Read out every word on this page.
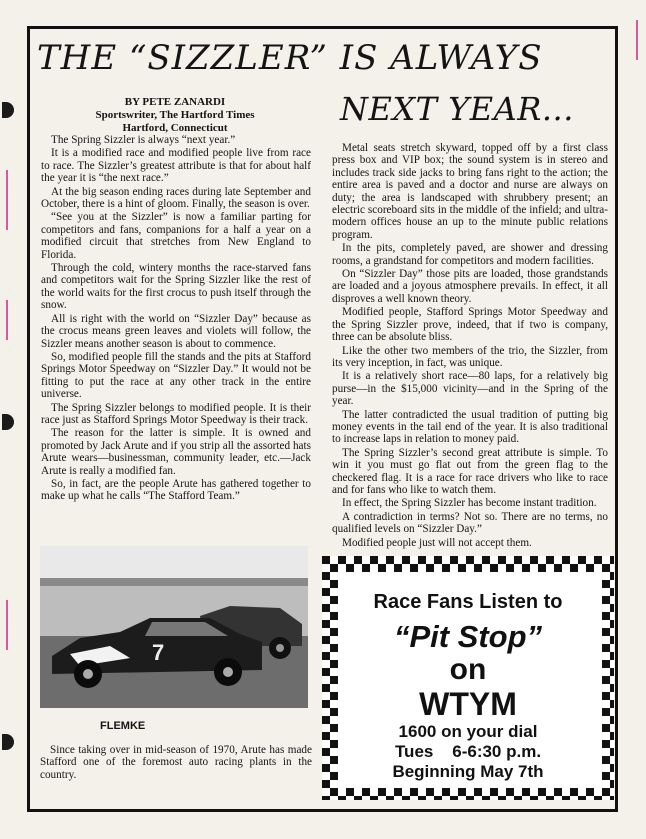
THE “SIZZLER” IS ALWAYS
NEXT YEAR...
BY PETE ZANARDI
Sportswriter, The Hartford Times
Hartford, Connecticut

The Spring Sizzler is always “next year.”

It is a modified race and modified people live from race to race. The Sizzler’s greatest attribute is that for about half the year it is “the next race.”

At the big season ending races during late September and October, there is a hint of gloom. Finally, the season is over.

“See you at the Sizzler” is now a familiar parting for competitors and fans, companions for a half a year on a modified circuit that stretches from New England to Florida.

Through the cold, wintery months the race-starved fans and competitors wait for the Spring Sizzler like the rest of the world waits for the first crocus to push itself through the snow.

All is right with the world on “Sizzler Day” because as the crocus means green leaves and violets will follow, the Sizzler means another season is about to commence.

So, modified people fill the stands and the pits at Stafford Springs Motor Speedway on “Sizzler Day.” It would not be fitting to put the race at any other track in the entire universe.

The Spring Sizzler belongs to modified people. It is their race just as Stafford Springs Motor Speedway is their track.

The reason for the latter is simple. It is owned and promoted by Jack Arute and if you strip all the assorted hats Arute wears—businessman, community leader, etc.—Jack Arute is really a modified fan.

So, in fact, are the people Arute has gathered together to make up what he calls “The Stafford Team.”

Metal seats stretch skyward, topped off by a first class press box and VIP box; the sound system is in stereo and includes track side jacks to bring fans right to the action; the entire area is paved and a doctor and nurse are always on duty; the area is landscaped with shrubbery present; an electric scoreboard sits in the middle of the infield; and ultra-modern offices house an up to the minute public relations program.

In the pits, completely paved, are shower and dressing rooms, a grandstand for competitors and modern facilities.

On “Sizzler Day” those pits are loaded, those grandstands are loaded and a joyous atmosphere prevails. In effect, it all disproves a well known theory.

Modified people, Stafford Springs Motor Speedway and the Spring Sizzler prove, indeed, that if two is company, three can be absolute bliss.

Like the other two members of the trio, the Sizzler, from its very inception, in fact, was unique.

It is a relatively short race—80 laps, for a relatively big purse—in the $15,000 vicinity—and in the Spring of the year.

The latter contradicted the usual tradition of putting big money events in the tail end of the year. It is also traditional to increase laps in relation to money paid.

The Spring Sizzler’s second great attribute is simple. To win it you must go flat out from the green flag to the checkered flag. It is a race for race drivers who like to race and for fans who like to watch them.

In effect, the Spring Sizzler has become instant tradition.

A contradiction in terms? Not so. There are no terms, no qualified levels on “Sizzler Day.”

Modified people just will not accept them.

7
FLEMKE
Since taking over in mid-season of 1970, Arute has made Stafford one of the foremost auto racing plants in the country.
Race Fans Listen to
“Pit Stop”
on
WTYM
1600 on your dial
Tues    6-6:30 p.m.
Beginning May 7th
